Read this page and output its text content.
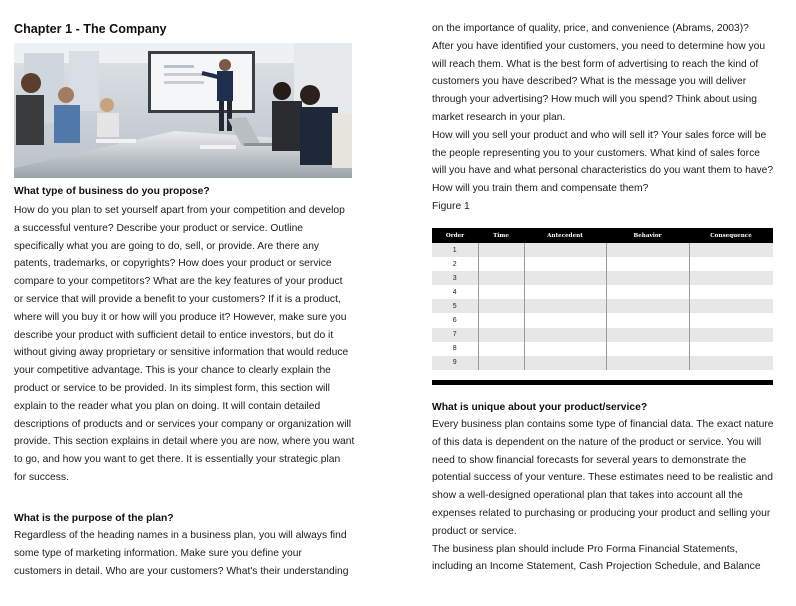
Chapter 1 - The Company

What type of business do you propose?

How do you plan to set yourself apart from your competition and develop

a successful venture? Describe your product or service. Outline

specifically what you are going to do, sell, or provide. Are there any

patents, trademarks, or copyrights? How does your product or service

compare to your competitors? What are the key features of your product

or service that will provide a benefit to your customers? If it is a product,

where will you buy it or how will you produce it? However, make sure you

describe your product with sufficient detail to entice investors, but do it

without giving away proprietary or sensitive information that would reduce

your competitive advantage. This is your chance to clearly explain the

product or service to be provided. In its simplest form, this section will

explain to the reader what you plan on doing. It will contain detailed

descriptions of products and or services your company or organization will

provide. This section explains in detail where you are now, where you want

to go, and how you want to get there. It is essentially your strategic plan

for success.

What is the purpose of the plan?

Regardless of the heading names in a business plan, you will always find

some type of marketing information. Make sure you define your

customers in detail. Who are your customers? What's their understanding

on the importance of quality, price, and convenience (Abrams, 2003)?

After you have identified your customers, you need to determine how you

will reach them. What is the best form of advertising to reach the kind of

customers you have described? What is the message you will deliver

through your advertising? How much will you spend? Think about using

market research in your plan.

How will you sell your product and who will sell it? Your sales force will be

the people representing you to your customers. What kind of sales force

will you have and what personal characteristics do you want them to have?

How will you train them and compensate them?

Figure 1

Order	Time	Antecedent	Behavior	Consequence
1				
2				
3				
4				
5				
6				
7				
8				
9				

What is unique about your product/service?

Every business plan contains some type of financial data. The exact nature

of this data is dependent on the nature of the product or service. You will

need to show financial forecasts for several years to demonstrate the

potential success of your venture. These estimates need to be realistic and

show a well-designed operational plan that takes into account all the

expenses related to purchasing or producing your product and selling your

product or service.

The business plan should include Pro Forma Financial Statements,

including an Income Statement, Cash Projection Schedule, and Balance
